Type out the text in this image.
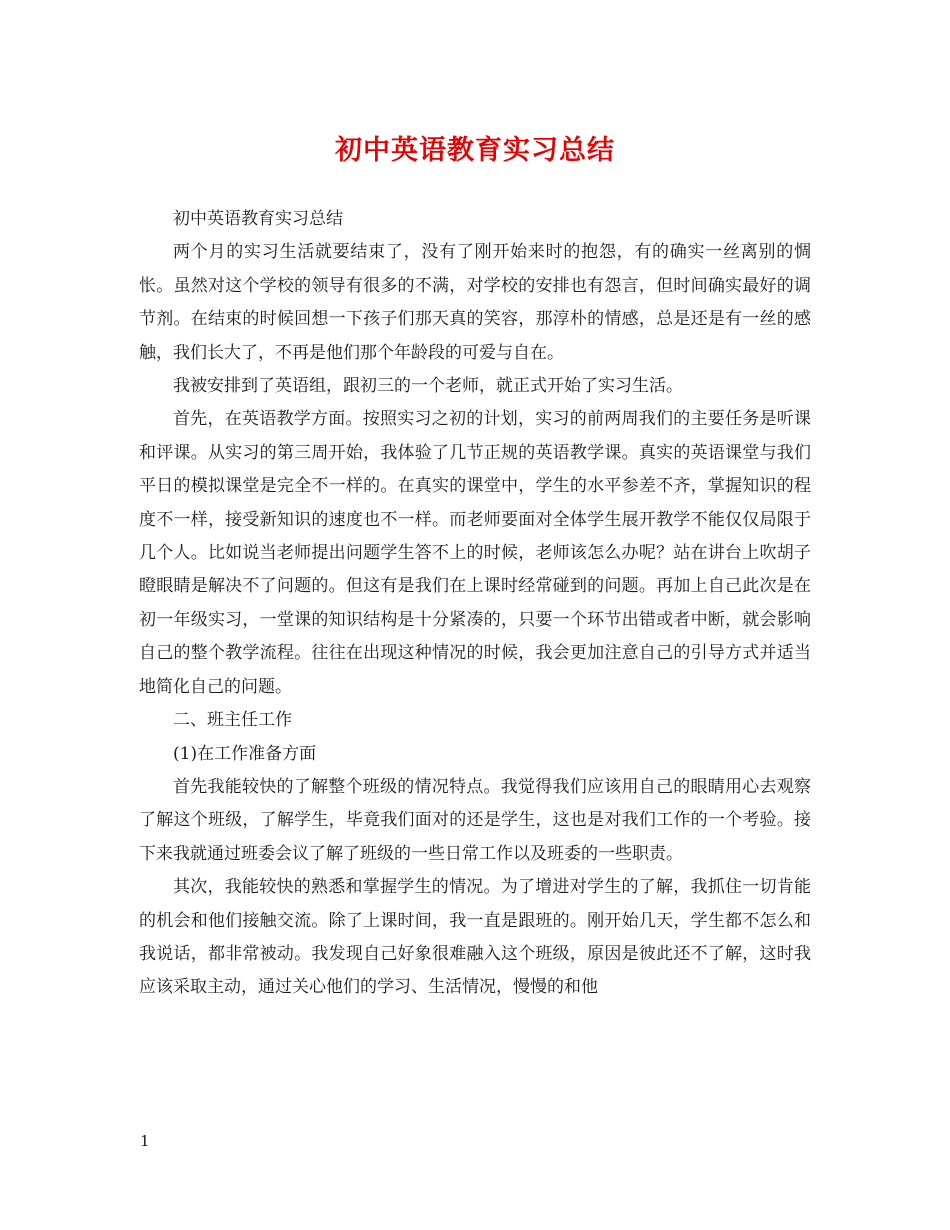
初中英语教育实习总结

初中英语教育实习总结

两个月的实习生活就要结束了，没有了刚开始来时的抱怨，有的确实一丝离别的惆怅。虽然对这个学校的领导有很多的不满，对学校的安排也有怨言，但时间确实最好的调节剂。在结束的时候回想一下孩子们那天真的笑容，那淳朴的情感，总是还是有一丝的感触，我们长大了，不再是他们那个年龄段的可爱与自在。

我被安排到了英语组，跟初三的一个老师，就正式开始了实习生活。

首先，在英语教学方面。按照实习之初的计划，实习的前两周我们的主要任务是听课和评课。从实习的第三周开始，我体验了几节正规的英语教学课。真实的英语课堂与我们平日的模拟课堂是完全不一样的。在真实的课堂中，学生的水平参差不齐，掌握知识的程度不一样，接受新知识的速度也不一样。而老师要面对全体学生展开教学不能仅仅局限于几个人。比如说当老师提出问题学生答不上的时候，老师该怎么办呢？站在讲台上吹胡子瞪眼睛是解决不了问题的。但这有是我们在上课时经常碰到的问题。再加上自己此次是在初一年级实习，一堂课的知识结构是十分紧凑的，只要一个环节出错或者中断，就会影响自己的整个教学流程。往往在出现这种情况的时候，我会更加注意自己的引导方式并适当地简化自己的问题。

二、班主任工作

(1)在工作准备方面

首先我能较快的了解整个班级的情况特点。我觉得我们应该用自己的眼睛用心去观察了解这个班级，了解学生，毕竟我们面对的还是学生，这也是对我们工作的一个考验。接下来我就通过班委会议了解了班级的一些日常工作以及班委的一些职责。

其次，我能较快的熟悉和掌握学生的情况。为了增进对学生的了解，我抓住一切肯能的机会和他们接触交流。除了上课时间，我一直是跟班的。刚开始几天，学生都不怎么和我说话，都非常被动。我发现自己好象很难融入这个班级，原因是彼此还不了解，这时我应该采取主动，通过关心他们的学习、生活情况，慢慢的和他

1
